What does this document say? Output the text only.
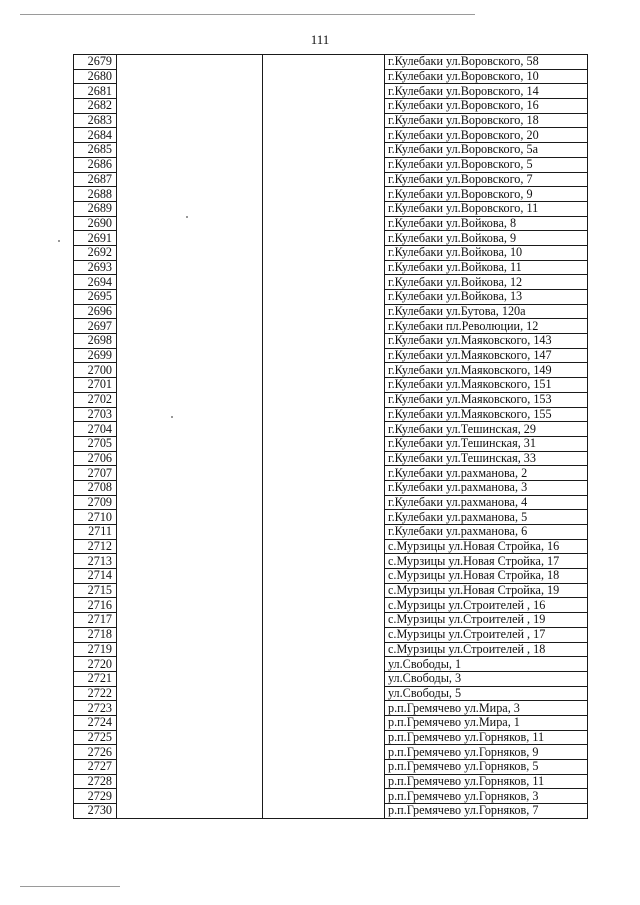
111
2679			г.Кулебаки ул.Воровского, 58
2680			г.Кулебаки ул.Воровского, 10
2681			г.Кулебаки ул.Воровского, 14
2682			г.Кулебаки ул.Воровского, 16
2683			г.Кулебаки ул.Воровского, 18
2684			г.Кулебаки ул.Воровского, 20
2685			г.Кулебаки ул.Воровского, 5а
2686			г.Кулебаки ул.Воровского, 5
2687			г.Кулебаки ул.Воровского, 7
2688			г.Кулебаки ул.Воровского, 9
2689			г.Кулебаки ул.Воровского, 11
2690			г.Кулебаки ул.Войкова, 8
2691			г.Кулебаки ул.Войкова, 9
2692			г.Кулебаки ул.Войкова, 10
2693			г.Кулебаки ул.Войкова, 11
2694			г.Кулебаки ул.Войкова, 12
2695			г.Кулебаки ул.Войкова, 13
2696			г.Кулебаки ул.Бутова, 120а
2697			г.Кулебаки пл.Революции, 12
2698			г.Кулебаки ул.Маяковского, 143
2699			г.Кулебаки ул.Маяковского, 147
2700			г.Кулебаки ул.Маяковского, 149
2701			г.Кулебаки ул.Маяковского, 151
2702			г.Кулебаки ул.Маяковского, 153
2703			г.Кулебаки ул.Маяковского, 155
2704			г.Кулебаки ул.Тешинская, 29
2705			г.Кулебаки ул.Тешинская, 31
2706			г.Кулебаки ул.Тешинская, 33
2707			г.Кулебаки ул.рахманова, 2
2708			г.Кулебаки ул.рахманова, 3
2709			г.Кулебаки ул.рахманова, 4
2710			г.Кулебаки ул.рахманова, 5
2711			г.Кулебаки ул.рахманова, 6
2712			с.Мурзицы ул.Новая Стройка, 16
2713			с.Мурзицы ул.Новая Стройка, 17
2714			с.Мурзицы ул.Новая Стройка, 18
2715			с.Мурзицы ул.Новая Стройка, 19
2716			с.Мурзицы ул.Строителей , 16
2717			с.Мурзицы ул.Строителей , 19
2718			с.Мурзицы ул.Строителей , 17
2719			с.Мурзицы ул.Строителей , 18
2720			ул.Свободы, 1
2721			ул.Свободы, 3
2722			ул.Свободы, 5
2723			р.п.Гремячево ул.Мира, 3
2724			р.п.Гремячево ул.Мира, 1
2725			р.п.Гремячево ул.Горняков, 11
2726			р.п.Гремячево ул.Горняков, 9
2727			р.п.Гремячево ул.Горняков, 5
2728			р.п.Гремячево ул.Горняков, 11
2729			р.п.Гремячево ул.Горняков, 3
2730			р.п.Гремячево ул.Горняков, 7
